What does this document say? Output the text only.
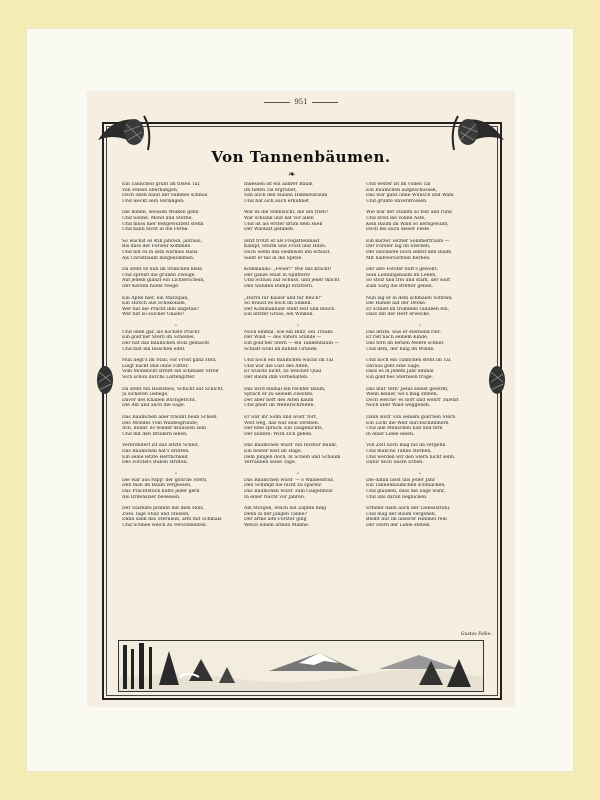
951
Von Tannenbäumen.
❧
Ein Tännchen grünt im tiefen Tal,
Von Felsen überhangen,
Doch oben blaut der Himmel schmal
Und weckt sein Verlangen:
Die hohen, weissen Wolken gehn
Und Sonne, Mond und Sterne,
Und muss hier festgewurzelt stehn
Und kann nicht in die Ferne.
So wächst es still jahrein, jahraus,
Bis dass der Förster kommen
Und hat es in sein warmes Haus
Als Christbaum mitgenommen.
Da steht es nun im Stübchen klein
Und spreizt die grünen Zweige,
Auf jedem glänzt ein Lichterschein,
Der Kerzen holde Neige.
Ein Äpfel hier, ein Marzipan,
Ein Hirsch aus Schokolade,
Wer hat die Pracht ihm angetan?
Wer hat so solcher Gnade?
•
Und oben gar, als höchste Pracht
Ein gold'ner Stern im Scheibel,
Der hat das Bäumchen stolz gemacht
Und fast ein bisschen eitel.
Nun liegt's im Stall, vor Frost ganz steif,
Liegt nackt und ohne Flitter,
Vom Mondlicht streift ein schmaler Streif
Sich schon durchs Lattengitter.
Da steht ein Holzstoss, Schicht auf Schicht,
Ja sicheren Gehege,
Davor des Knaben Buchgericht,
Die Axt und auch die Säge.
Das Bäumchen aber träumt beim Schein
Des Mondes vom Waldesgrunde;
Ach, könnt' es wieder draussen sein
Und mit den Brüdern leben.
Verbrendert ist das letzte Scheit,
Das Bäumchen hat's erlitten.
Ein seine letzte Herrlichkeit
Des Försters Buben stritten.
•
Die war aus Papp' der gold'ne Stern,
Den man im Baum vergessen,
Das Prachtstück hätte jeder gern
Als Ordenszier besessen.
Der Stärkste prahlte mit dem Holz,
Zwei Tage Stolz und Stelzen,
Dann sank das Sternlein, arm mit Schmalz
Und Schnee weich zu verschmelzen.
Indessen ist ein andrer Baum
Im tiefen Tal ergrünet,
Sah auch den blauen Himmelsraum
Und hat sich auch erkühnet
War es die Sehnsucht, die ihn trieb?
War schlank und hat vor allen
Und ist als erster drum dem Hieb
Der Waldaxt gefallen.
Jetzt trotzt er als Fregattenmast
Kampf, Sturm und Frost und Hitze,
Doch wenn das Heimweh ihn erfasst,
Sieht er bis in die Spitze.
Kommando: „Feuer!" Wie das kracht!
Der ganze Mast in Splittern!
Und Schuss auf Schuss, und jeder macht
Den wunden Rumpf erzittern.
„Hurra für Kaiser und für Reich!"
So braust es noch im Sinken.
Der Kommandant steht fest und bleich.
Ein letzter Gruss, ein Winken.
•
Noch einmal, wie ein Blitz, ein Traum:
Der Wald — des Vaters Stunde —
Ein gold'ner Stern — ein Tannenbaum —
Schläft wohl im kühlen Grunde.
Und noch ein Bäumchen wuchs im Tal
Und war die Lust des Alten,
Er wusste nicht, zu welcher Qual
Der Baum ihm vorbehalten.
Das wird einmal ein rechter Baum,
Sprach er zu seinem Zweiten,
Der aber hört des Alten kaum
Und pfeift im Weiterschreiten.
Er war ihr Sohn und wollt' fort,
Weit weg, das war sein Streben.
Der eine sprach: Ein Taugenichts,
Der andere: Wird sich geben.
Das Bäumchen wurd' ein rechter Baum,
Ein bester weit im Hage.
Dem Jungen doch, in Schein und Schaum
Verrannen seine Tage.
•
Das Bäumchen wurd' — o Waldesstolz,
Den Schimpf die nicht zu sparen!
Das Bäumchen wurd' zum Galgenholz
In einer Nacht vor Jahren.
Am Morgen, welch ein Zapfen hing
Denn in der jungen Tanne?
Der arme alte Förster ging
Welch einem armen Manne.
Und weiter ist im vollen Tal
Ein Räumchen aufgeschossen,
Das war ganz ohne Wunsch und Wahl
Und grünte unverdrossen.
Wie war der Stamm so fest und rund
Und breit die vollen Äste,
Kein Baum im Wald so kerngesund,
Doch bei auch dieser Feste.
Ein kurzer, letzter Sommertraum —
Der Förster lag im Sterben,
Der zeichnete noch selbst den Baum
Mit halbversorbten Kerben.
Der alte Förster hatt's gewollt:
Sein Lieblingsbaum im Leben,
So stolz und frei und stark, der sollt'
Zum Sarg die Bretter geben.
Nun lag er in dem schmalen Schrein,
Die Hände auf der Decke.
Er schlief im frommen Glauben ein,
Dass ihn der Herr erwecke.
•
Das letzte, was er sterbend rief:
Er rief nach seinem Kinde,
Das fern im fernen Meere schlief,
Und dem, der hing im Winde.
Und noch ein Tännchen steht im Tal,
Daraus geht eine Sage,
Dass es in jedem Jahr einmal
Ein gold'nes Sternlein trage.
Das blüt' fern' Jesus selbst gewirkt,
Wenn keiner, wo's mag stehen,
Doch welche' es hört und wehrt' zuletzt
Noch über Wald weggehen.
Dann wird' von seinem gold'nen Stern
Ein Licht die Welt durchschimmern
Und alle Menschen nah und fern
In einer Liebe einen.
Voll Zeit noch mag bis da vergehn
Und manche Tanne sterben,
Und werden wir den Stern nicht sehn,
Dafür doch unsre Erben.
•
Die dahin lasst uns jeder Jahr
Ein Tannenbäumchen schmücken,
Und glauben, dass die Sage wahr,
Und uns daran beglücken.
Erfüllet dann auch der Liebesstrahl,
Und mag der Baum vergehen,
Bleibt nur im unserer Himmel rein
Der Stern der Liebe stehen.
Gustav Falke.
